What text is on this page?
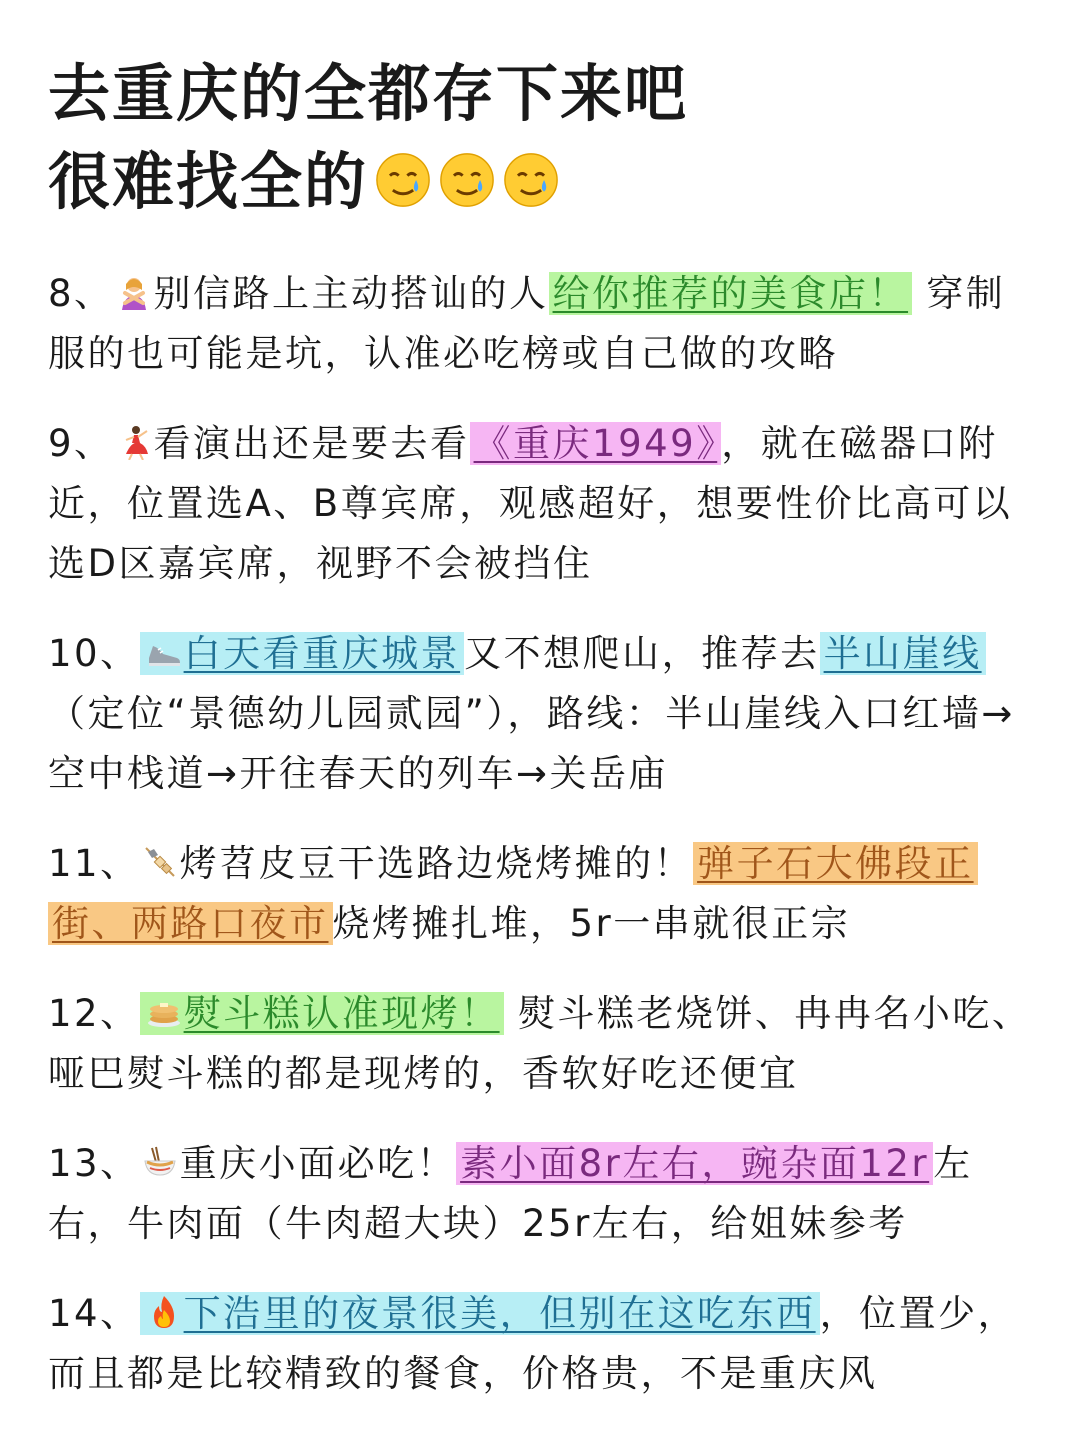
去重庆的全都存下来吧
很难找全的

8、 别信路上主动搭讪的人 给你推荐的美食店！ 穿制服的也可能是坑，认准必吃榜或自己做的攻略

9、 看演出还是要去看 《重庆1949》 ，就在磁器口附近，位置选A、B尊宾席，观感超好，想要性价比高可以选D区嘉宾席，视野不会被挡住

10、 白天看重庆城景 又不想爬山，推荐去 半山崖线（定位“景德幼儿园贰园”），路线：半山崖线入口红墙→空中栈道→开往春天的列车→关岳庙

11、 烤苕皮豆干选路边烧烤摊的！ 弹子石大佛段正街、两路口夜市 烧烤摊扎堆，5r一串就很正宗

12、 熨斗糕认准现烤！ 熨斗糕老烧饼、冉冉名小吃、哑巴熨斗糕的都是现烤的，香软好吃还便宜

13、 重庆小面必吃！ 素小面8r左右，豌杂面12r 左右，牛肉面（牛肉超大块）25r左右，给姐妹参考

14、 下浩里的夜景很美，但别在这吃东西 ，位置少，而且都是比较精致的餐食，价格贵，不是重庆风
